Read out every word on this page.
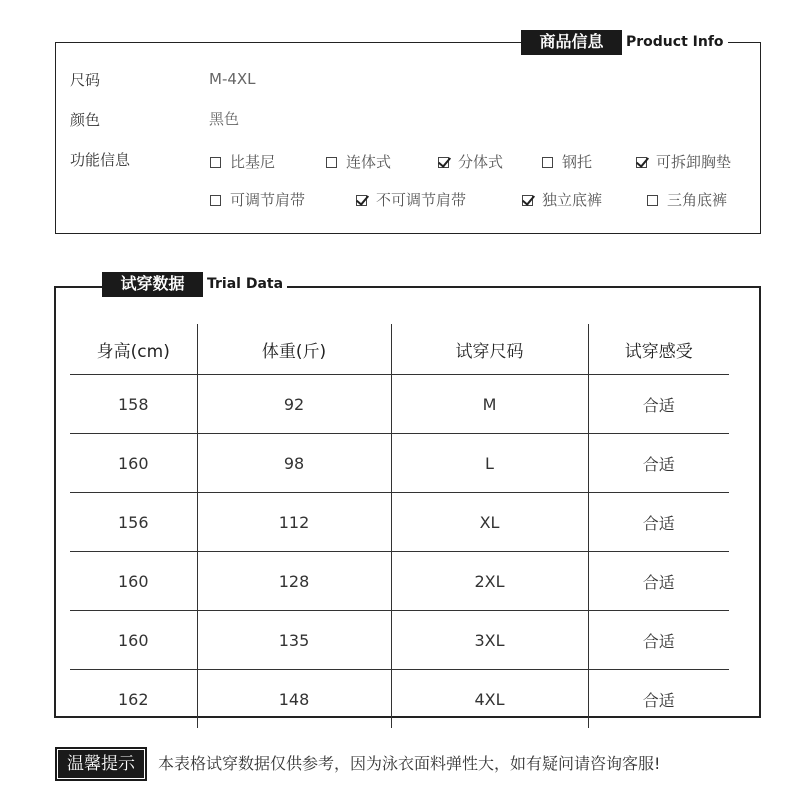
商品信息	Product Info
尺码	M-4XL
颜色	黑色
功能信息	比基尼	连体式	分体式	钢托	可拆卸胸垫
可调节肩带	不可调节肩带	独立底裤	三角底裤
试穿数据	Trial Data
身高(cm)	体重(斤)	试穿尺码	试穿感受
158	92	M	合适
160	98	L	合适
156	112	XL	合适
160	128	2XL	合适
160	135	3XL	合适
162	148	4XL	合适
温馨提示	本表格试穿数据仅供参考，因为泳衣面料弹性大，如有疑问请咨询客服!
